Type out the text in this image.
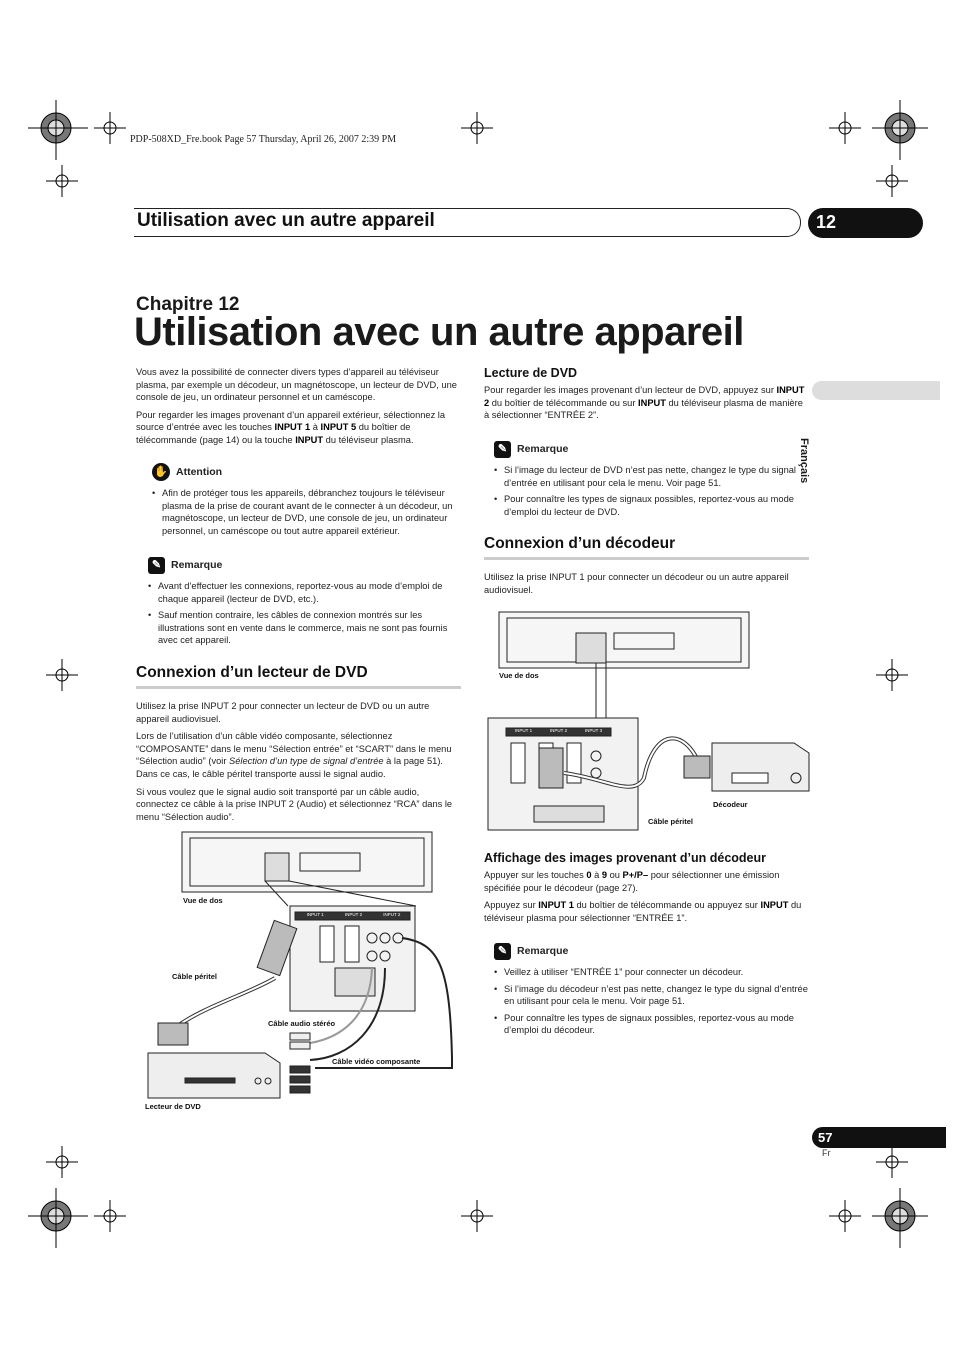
PDP-508XD_Fre.book Page 57 Thursday, April 26, 2007 2:39 PM
Utilisation avec un autre appareil	12
Chapitre 12
Utilisation avec un autre appareil
Français

Vous avez la possibilité de connecter divers types d’appareil au téléviseur plasma, par exemple un décodeur, un magnétoscope, un lecteur de DVD, une console de jeu, un ordinateur personnel et un caméscope.

Pour regarder les images provenant d’un appareil extérieur, sélectionnez la source d’entrée avec les touches INPUT 1 à INPUT 5 du boîtier de télécommande (page 14) ou la touche INPUT du téléviseur plasma.

✋ Attention
• Afin de protéger tous les appareils, débranchez toujours le téléviseur plasma de la prise de courant avant de le connecter à un décodeur, un magnétoscope, un lecteur de DVD, une console de jeu, un ordinateur personnel, un caméscope ou tout autre appareil extérieur.
✎ Remarque
• Avant d’effectuer les connexions, reportez-vous au mode d’emploi de chaque appareil (lecteur de DVD, etc.).
• Sauf mention contraire, les câbles de connexion montrés sur les illustrations sont en vente dans le commerce, mais ne sont pas fournis avec cet appareil.
Connexion d’un lecteur de DVD

Utilisez la prise INPUT 2 pour connecter un lecteur de DVD ou un autre appareil audiovisuel.

Lors de l’utilisation d’un câble vidéo composante, sélectionnez “COMPOSANTE” dans le menu “Sélection entrée” et “SCART” dans le menu “Sélection audio” (voir Sélection d’un type de signal d’entrée à la page 51). Dans ce cas, le câble péritel transporte aussi le signal audio.

Si vous voulez que le signal audio soit transporté par un câble audio, connectez ce câble à la prise INPUT 2 (Audio) et sélectionnez “RCA” dans le menu “Sélection audio”.

Vue de dos
Câble péritel
Câble audio stéréo
Câble vidéo composante
Lecteur de DVD
INPUT 1	INPUT 2	INPUT 2
Lecture de DVD

Pour regarder les images provenant d’un lecteur de DVD, appuyez sur INPUT 2 du boîtier de télécommande ou sur INPUT du téléviseur plasma de manière à sélectionner “ENTRÉE 2”.

✎ Remarque
• Si l’image du lecteur de DVD n’est pas nette, changez le type du signal d’entrée en utilisant pour cela le menu. Voir page 51.
• Pour connaître les types de signaux possibles, reportez-vous au mode d’emploi du lecteur de DVD.
Connexion d’un décodeur

Utilisez la prise INPUT 1 pour connecter un décodeur ou un autre appareil audiovisuel.

Vue de dos
Décodeur
Câble péritel
INPUT 1	INPUT 2	INPUT 3
Affichage des images provenant d’un décodeur

Appuyer sur les touches 0 à 9 ou P+/P– pour sélectionner une émission spécifiée pour le décodeur (page 27).

Appuyez sur INPUT 1 du boîtier de télécommande ou appuyez sur INPUT du téléviseur plasma pour sélectionner “ENTRÉE 1”.

✎ Remarque
• Veillez à utiliser “ENTRÉE 1” pour connecter un décodeur.
• Si l’image du décodeur n’est pas nette, changez le type du signal d’entrée en utilisant pour cela le menu. Voir page 51.
• Pour connaître les types de signaux possibles, reportez-vous au mode d’emploi du décodeur.
57
Fr
